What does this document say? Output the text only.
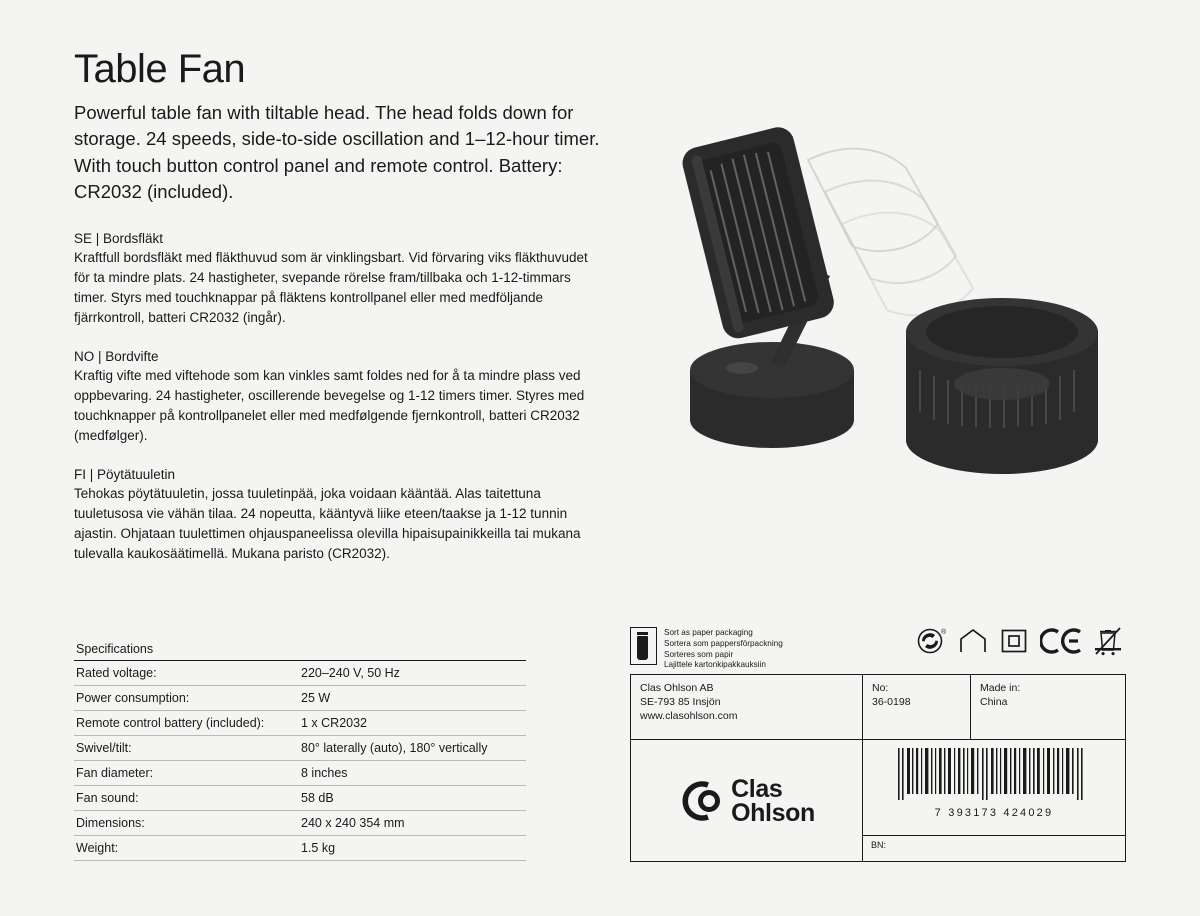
Table Fan

Powerful table fan with tiltable head. The head folds down for storage. 24 speeds, side-to-side oscillation and 1–12-hour timer. With touch button control panel and remote control. Battery: CR2032 (included).

SE | Bordsfläkt

Kraftfull bordsfläkt med fläkthuvud som är vinklingsbart. Vid förvaring viks fläkthuvudet för ta mindre plats. 24 hastigheter, svepande rörelse fram/tillbaka och 1-12-timmars timer. Styrs med touchknappar på fläktens kontrollpanel eller med medföljande fjärrkontroll, batteri CR2032 (ingår).

NO | Bordvifte

Kraftig vifte med viftehode som kan vinkles samt foldes ned for å ta mindre plass ved oppbevaring. 24 hastigheter, oscillerende bevegelse og 1-12 timers timer. Styres med touchknapper på kontrollpanelet eller med medfølgende fjernkontroll, batteri CR2032 (medfølger).

FI | Pöytätuuletin

Tehokas pöytätuuletin, jossa tuuletinpää, joka voidaan kääntää. Alas taitettuna tuuletusosa vie vähän tilaa. 24 nopeutta, kääntyvä liike eteen/taakse ja 1-12 tunnin ajastin. Ohjataan tuulettimen ohjauspaneelissa olevilla hipaisupainikkeilla tai mukana tulevalla kaukosäätimellä. Mukana paristo (CR2032).

Specifications
Rated voltage:	220–240 V, 50 Hz
Power consumption:	25 W
Remote control battery (included):	1 x CR2032
Swivel/tilt:	80° laterally (auto), 180° vertically
Fan diameter:	8 inches
Fan sound:	58 dB
Dimensions:	240 x 240 354 mm
Weight:	1.5 kg
Sort as paper packaging
Sortera som pappersförpackning
Sorteres som papir
Lajittele kartonkipakkauksiin
®
Clas Ohlson AB
SE-793 85 Insjön
www.clasohlson.com
No:
36-0198
Made in:
China
Clas
Ohlson	7 393173 424029
BN:
